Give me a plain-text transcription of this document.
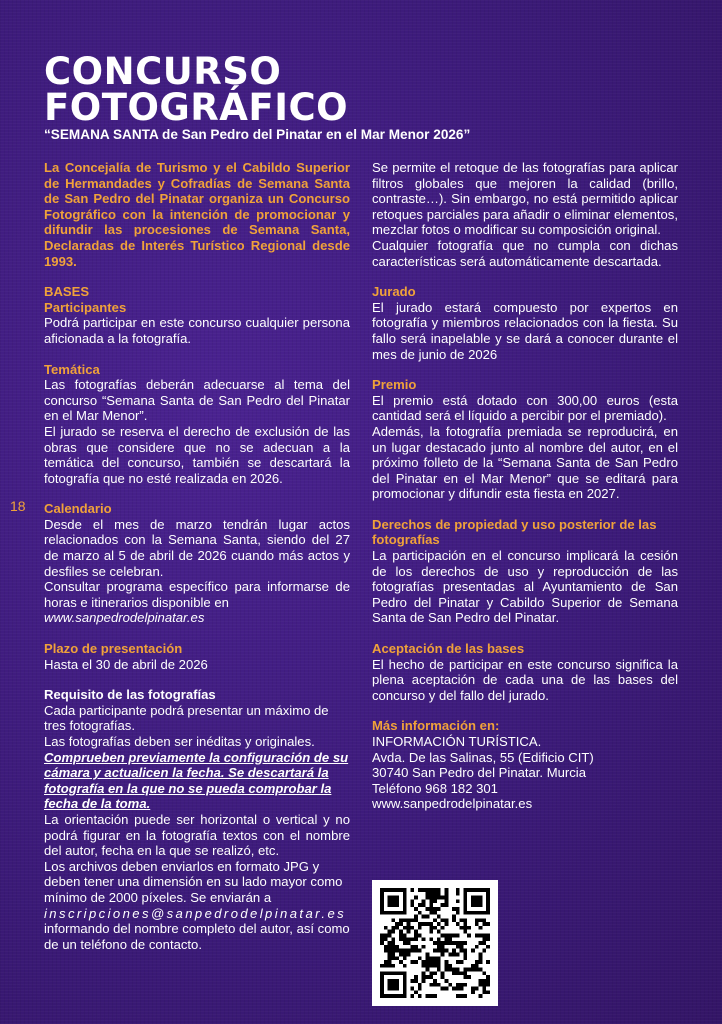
CONCURSO
FOTOGRÁFICO
“SEMANA SANTA de San Pedro del Pinatar en el Mar Menor 2026”
18

La Concejalía de Turismo y el Cabildo Superior de Hermandades y Cofradías de Semana Santa de San Pedro del Pinatar organiza un Concurso Fotográfico con la intención de promocionar y difundir las procesiones de Semana Santa, Declaradas de Interés Turístico Regional desde 1993.

BASES

Participantes

Podrá participar en este concurso cualquier persona aficionada a la fotografía.

Temática

Las fotografías deberán adecuarse al tema del concurso “Semana Santa de San Pedro del Pinatar en el Mar Menor”.

El jurado se reserva el derecho de exclusión de las obras que considere que no se adecuan a la temática del concurso, también se descartará la fotografía que no esté realizada en 2026.

Calendario

Desde el mes de marzo tendrán lugar actos relacionados con la Semana Santa, siendo del 27 de marzo al 5 de abril de 2026 cuando más actos y desfiles se celebran.

Consultar programa específico para informarse de horas e itinerarios disponible en

www.sanpedrodelpinatar.es

Plazo de presentación

Hasta el 30 de abril de 2026

Requisito de las fotografías

Cada participante podrá presentar un máximo de tres fotografías.

Las fotografías deben ser inéditas y originales.

Comprueben previamente la configuración de su cámara y actualicen la fecha. Se descartará la fotografía en la que no se pueda comprobar la fecha de la toma.

La orientación puede ser horizontal o vertical y no podrá figurar en la fotografía textos con el nombre del autor, fecha en la que se realizó, etc.

Los archivos deben enviarlos en formato JPG y deben tener una dimensión en su lado mayor como mínimo de 2000 píxeles. Se enviarán a

inscripciones@sanpedrodelpinatar.es

informando del nombre completo del autor, así como de un teléfono de contacto.

Se permite el retoque de las fotografías para aplicar filtros globales que mejoren la calidad (brillo, contraste…). Sin embargo, no está permitido aplicar retoques parciales para añadir o eliminar elementos, mezclar fotos o modificar su composición original.

Cualquier fotografía que no cumpla con dichas características será automáticamente descartada.

Jurado

El jurado estará compuesto por expertos en fotografía y miembros relacionados con la fiesta. Su fallo será inapelable y se dará a conocer durante el mes de junio de 2026

Premio

El premio está dotado con 300,00 euros (esta cantidad será el líquido a percibir por el premiado).

Además, la fotografía premiada se reproducirá, en un lugar destacado junto al nombre del autor, en el próximo folleto de la “Semana Santa de San Pedro del Pinatar en el Mar Menor” que se editará para promocionar y difundir esta fiesta en 2027.

Derechos de propiedad y uso posterior de las fotografías

La participación en el concurso implicará la cesión de los derechos de uso y reproducción de las fotografías presentadas al Ayuntamiento de San Pedro del Pinatar y Cabildo Superior de Semana Santa de San Pedro del Pinatar.

Aceptación de las bases

El hecho de participar en este concurso significa la plena aceptación de cada una de las bases del concurso y del fallo del jurado.

Más información en:

INFORMACIÓN TURÍSTICA.

Avda. De las Salinas, 55 (Edificio CIT)

30740 San Pedro del Pinatar. Murcia

Teléfono 968 182 301

www.sanpedrodelpinatar.es
